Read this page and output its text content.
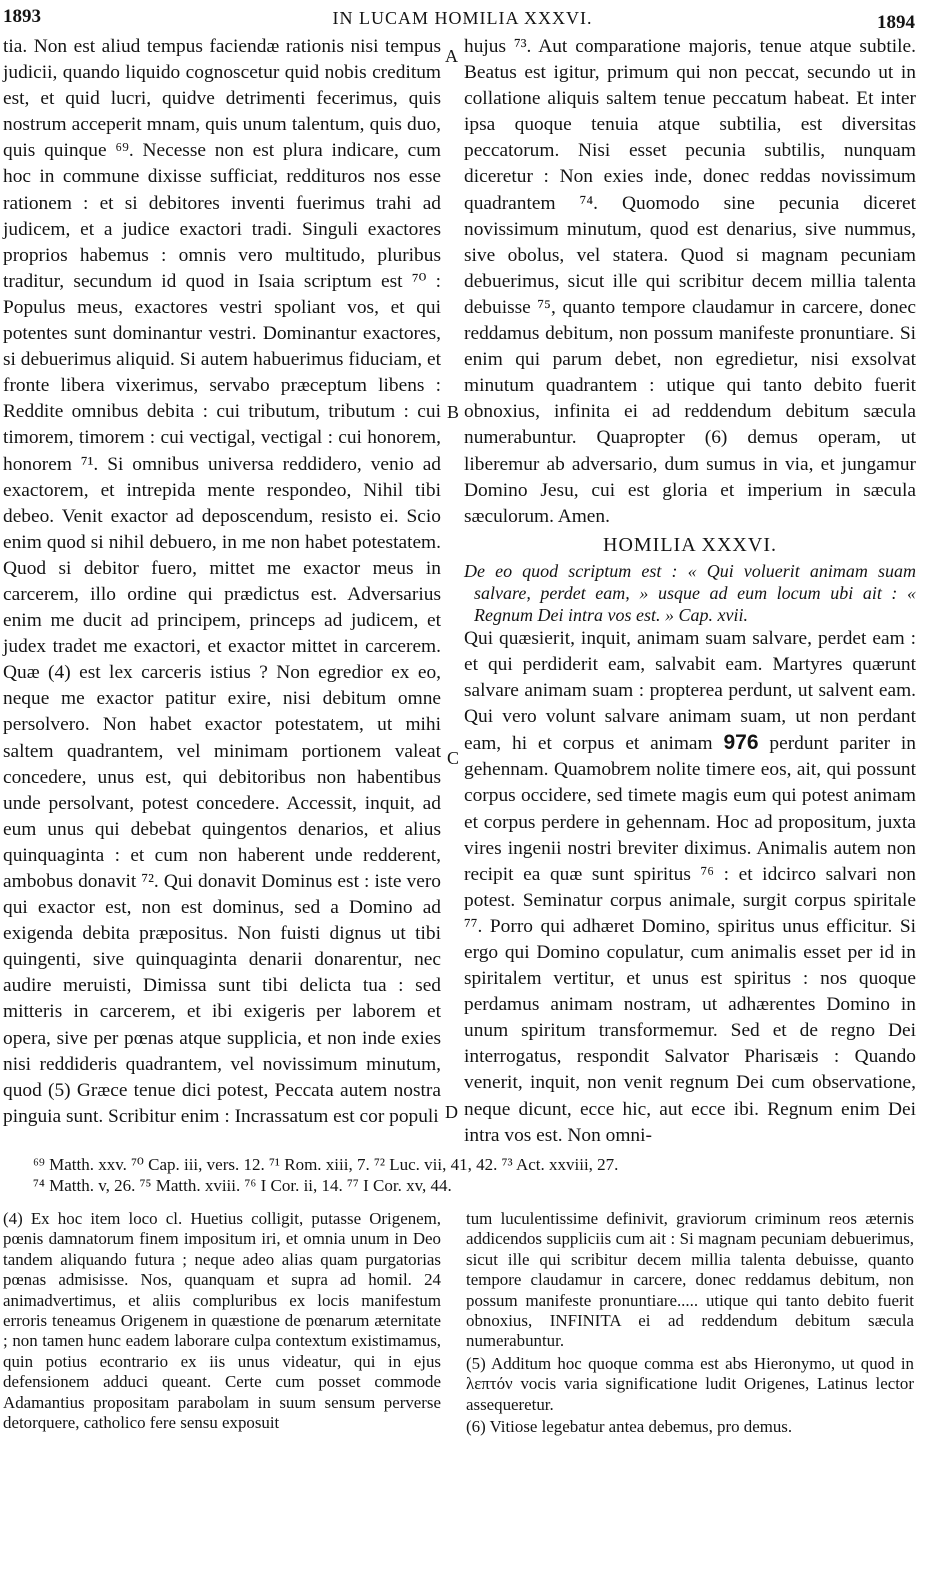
1893	IN LUCAM HOMILIA XXXVI.	1894

tia. Non est aliud tempus faciendæ rationis nisi tempus judicii, quando liquido cognoscetur quid nobis creditum est, et quid lucri, quidve detrimenti fecerimus, quis nostrum acceperit mnam, quis unum talentum, quis duo, quis quinque ⁶⁹. Necesse non est plura indicare, cum hoc in commune dixisse sufficiat, reddituros nos esse rationem : et si debitores inventi fuerimus trahi ad judicem, et a judice exactori tradi. Singuli exactores proprios habemus : omnis vero multitudo, pluribus traditur, secundum id quod in Isaia scriptum est ⁷⁰ : Populus meus, exactores vestri spoliant vos, et qui potentes sunt dominantur vestri. Dominantur exactores, si debuerimus aliquid. Si autem habuerimus fiduciam, et fronte libera vixerimus, servabo præceptum libens : Reddite omnibus debita : cui tributum, tributum : cui timorem, timorem : cui vectigal, vectigal : cui honorem, honorem ⁷¹. Si omnibus universa reddidero, venio ad exactorem, et intrepida mente respondeo, Nihil tibi debeo. Venit exactor ad deposcendum, resisto ei. Scio enim quod si nihil debuero, in me non habet potestatem. Quod si debitor fuero, mittet me exactor meus in carcerem, illo ordine qui prædictus est. Adversarius enim me ducit ad principem, princeps ad judicem, et judex tradet me exactori, et exactor mittet in carcerem. Quæ (4) est lex carceris istius ? Non egredior ex eo, neque me exactor patitur exire, nisi debitum omne persolvero. Non habet exactor potestatem, ut mihi saltem quadrantem, vel minimam portionem valeat concedere, unus est, qui debitoribus non habentibus unde persolvant, potest concedere. Accessit, inquit, ad eum unus qui debebat quingentos denarios, et alius quinquaginta : et cum non haberent unde redderent, ambobus donavit ⁷². Qui donavit Dominus est : iste vero qui exactor est, non est dominus, sed a Domino ad exigenda debita præpositus. Non fuisti dignus ut tibi quingenti, sive quinquaginta denarii donarentur, nec audire meruisti, Dimissa sunt tibi delicta tua : sed mitteris in carcerem, et ibi exigeris per laborem et opera, sive per pœnas atque supplicia, et non inde exies nisi reddideris quadrantem, vel novissimum minutum, quod (5) Græce tenue dici potest, Peccata autem nostra pinguia sunt. Scribitur enim : Incrassatum est cor populi

A
B
C
D

hujus ⁷³. Aut comparatione majoris, tenue atque subtile. Beatus est igitur, primum qui non peccat, secundo ut in collatione aliquis saltem tenue peccatum habeat. Et inter ipsa quoque tenuia atque subtilia, est diversitas peccatorum. Nisi esset pecunia subtilis, nunquam diceretur : Non exies inde, donec reddas novissimum quadrantem ⁷⁴. Quomodo sine pecunia diceret novissimum minutum, quod est denarius, sive nummus, sive obolus, vel statera. Quod si magnam pecuniam debuerimus, sicut ille qui scribitur decem millia talenta debuisse ⁷⁵, quanto tempore claudamur in carcere, donec reddamus debitum, non possum manifeste pronuntiare. Si enim qui parum debet, non egredietur, nisi exsolvat minutum quadrantem : utique qui tanto debito fuerit obnoxius, infinita ei ad reddendum debitum sæcula numerabuntur. Quapropter (6) demus operam, ut liberemur ab adversario, dum sumus in via, et jungamur Domino Jesu, cui est gloria et imperium in sæcula sæculorum. Amen.

HOMILIA XXXVI.
De eo quod scriptum est : « Qui voluerit animam suam salvare, perdet eam, » usque ad eum locum ubi ait : « Regnum Dei intra vos est. » Cap. xvii.

Qui quæsierit, inquit, animam suam salvare, perdet eam : et qui perdiderit eam, salvabit eam. Martyres quærunt salvare animam suam : propterea perdunt, ut salvent eam. Qui vero volunt salvare animam suam, ut non perdant eam, hi et corpus et animam 976 perdunt pariter in gehennam. Quamobrem nolite timere eos, ait, qui possunt corpus occidere, sed timete magis eum qui potest animam et corpus perdere in gehennam. Hoc ad propositum, juxta vires ingenii nostri breviter diximus. Animalis autem non recipit ea quæ sunt spiritus ⁷⁶ : et idcirco salvari non potest. Seminatur corpus animale, surgit corpus spiritale ⁷⁷. Porro qui adhæret Domino, spiritus unus efficitur. Si ergo qui Domino copulatur, cum animalis esset per id in spiritalem vertitur, et unus est spiritus : nos quoque perdamus animam nostram, ut adhærentes Domino in unum spiritum transformemur. Sed et de regno Dei interrogatus, respondit Salvator Pharisæis : Quando venerit, inquit, non venit regnum Dei cum observatione, neque dicunt, ecce hic, aut ecce ibi. Regnum enim Dei intra vos est. Non omni-

⁶⁹ Matth. xxv. ⁷⁰ Cap. iii, vers. 12. ⁷¹ Rom. xiii, 7. ⁷² Luc. vii, 41, 42. ⁷³ Act. xxviii, 27.
⁷⁴ Matth. v, 26. ⁷⁵ Matth. xviii. ⁷⁶ I Cor. ii, 14. ⁷⁷ I Cor. xv, 44.

(4) Ex hoc item loco cl. Huetius colligit, putasse Origenem, pœnis damnatorum finem impositum iri, et omnia unum in Deo tandem aliquando futura ; neque adeo alias quam purgatorias pœnas admisisse. Nos, quanquam et supra ad homil. 24 animadvertimus, et aliis compluribus ex locis manifestum erroris teneamus Origenem in quæstione de pœnarum æternitate ; non tamen hunc eadem laborare culpa contextum existimamus, quin potius econtrario ex iis unus videatur, qui in ejus defensionem adduci queant. Certe cum posset commode Adamantius propositam parabolam in suum sensum perverse detorquere, catholico fere sensu exposuit

tum luculentissime definivit, graviorum criminum reos æternis addicendos suppliciis cum ait : Si magnam pecuniam debuerimus, sicut ille qui scribitur decem millia talenta debuisse, quanto tempore claudamur in carcere, donec reddamus debitum, non possum manifeste pronuntiare..... utique qui tanto debito fuerit obnoxius, INFINITA ei ad reddendum debitum sæcula numerabuntur.

(5) Additum hoc quoque comma est abs Hieronymo, ut quod in λεπτόν vocis varia significatione ludit Origenes, Latinus lector assequeretur.

(6) Vitiose legebatur antea debemus, pro demus.
